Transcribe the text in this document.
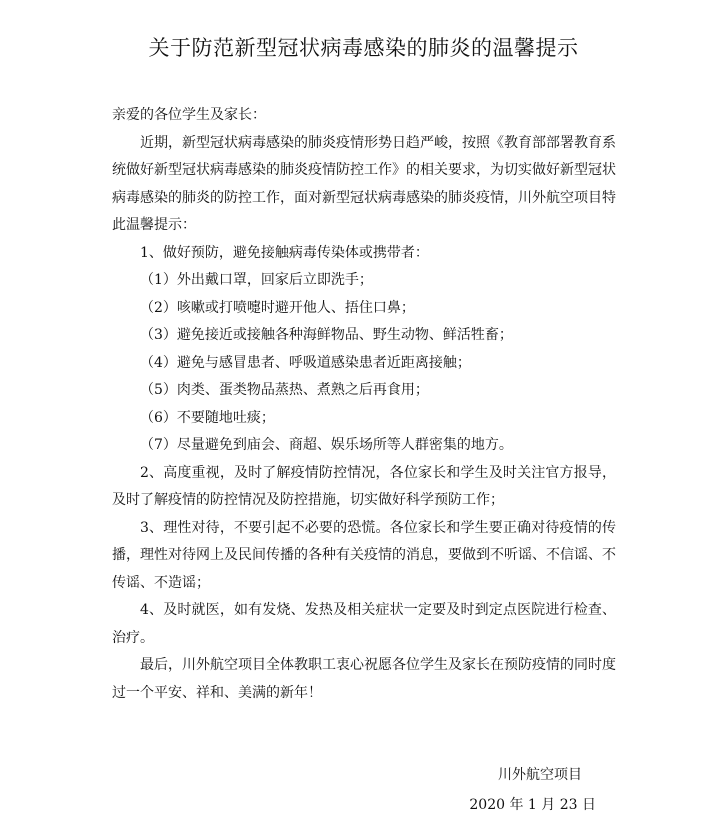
关于防范新型冠状病毒感染的肺炎的温馨提示

亲爱的各位学生及家长：

近期，新型冠状病毒感染的肺炎疫情形势日趋严峻，按照《教育部部署教育系统做好新型冠状病毒感染的肺炎疫情防控工作》的相关要求，为切实做好新型冠状病毒感染的肺炎的防控工作，面对新型冠状病毒感染的肺炎疫情，川外航空项目特此温馨提示：

1、做好预防，避免接触病毒传染体或携带者：

（1）外出戴口罩，回家后立即洗手；

（2）咳嗽或打喷嚏时避开他人、捂住口鼻；

（3）避免接近或接触各种海鲜物品、野生动物、鲜活牲畜；

（4）避免与感冒患者、呼吸道感染患者近距离接触；

（5）肉类、蛋类物品蒸热、煮熟之后再食用；

（6）不要随地吐痰；

（7）尽量避免到庙会、商超、娱乐场所等人群密集的地方。

2、高度重视，及时了解疫情防控情况，各位家长和学生及时关注官方报导，及时了解疫情的防控情况及防控措施，切实做好科学预防工作；

3、理性对待，不要引起不必要的恐慌。各位家长和学生要正确对待疫情的传播，理性对待网上及民间传播的各种有关疫情的消息，要做到不听谣、不信谣、不传谣、不造谣；

4、及时就医，如有发烧、发热及相关症状一定要及时到定点医院进行检查、治疗。

最后，川外航空项目全体教职工衷心祝愿各位学生及家长在预防疫情的同时度过一个平安、祥和、美满的新年！

川外航空项目
2020 年 1 月 23 日
